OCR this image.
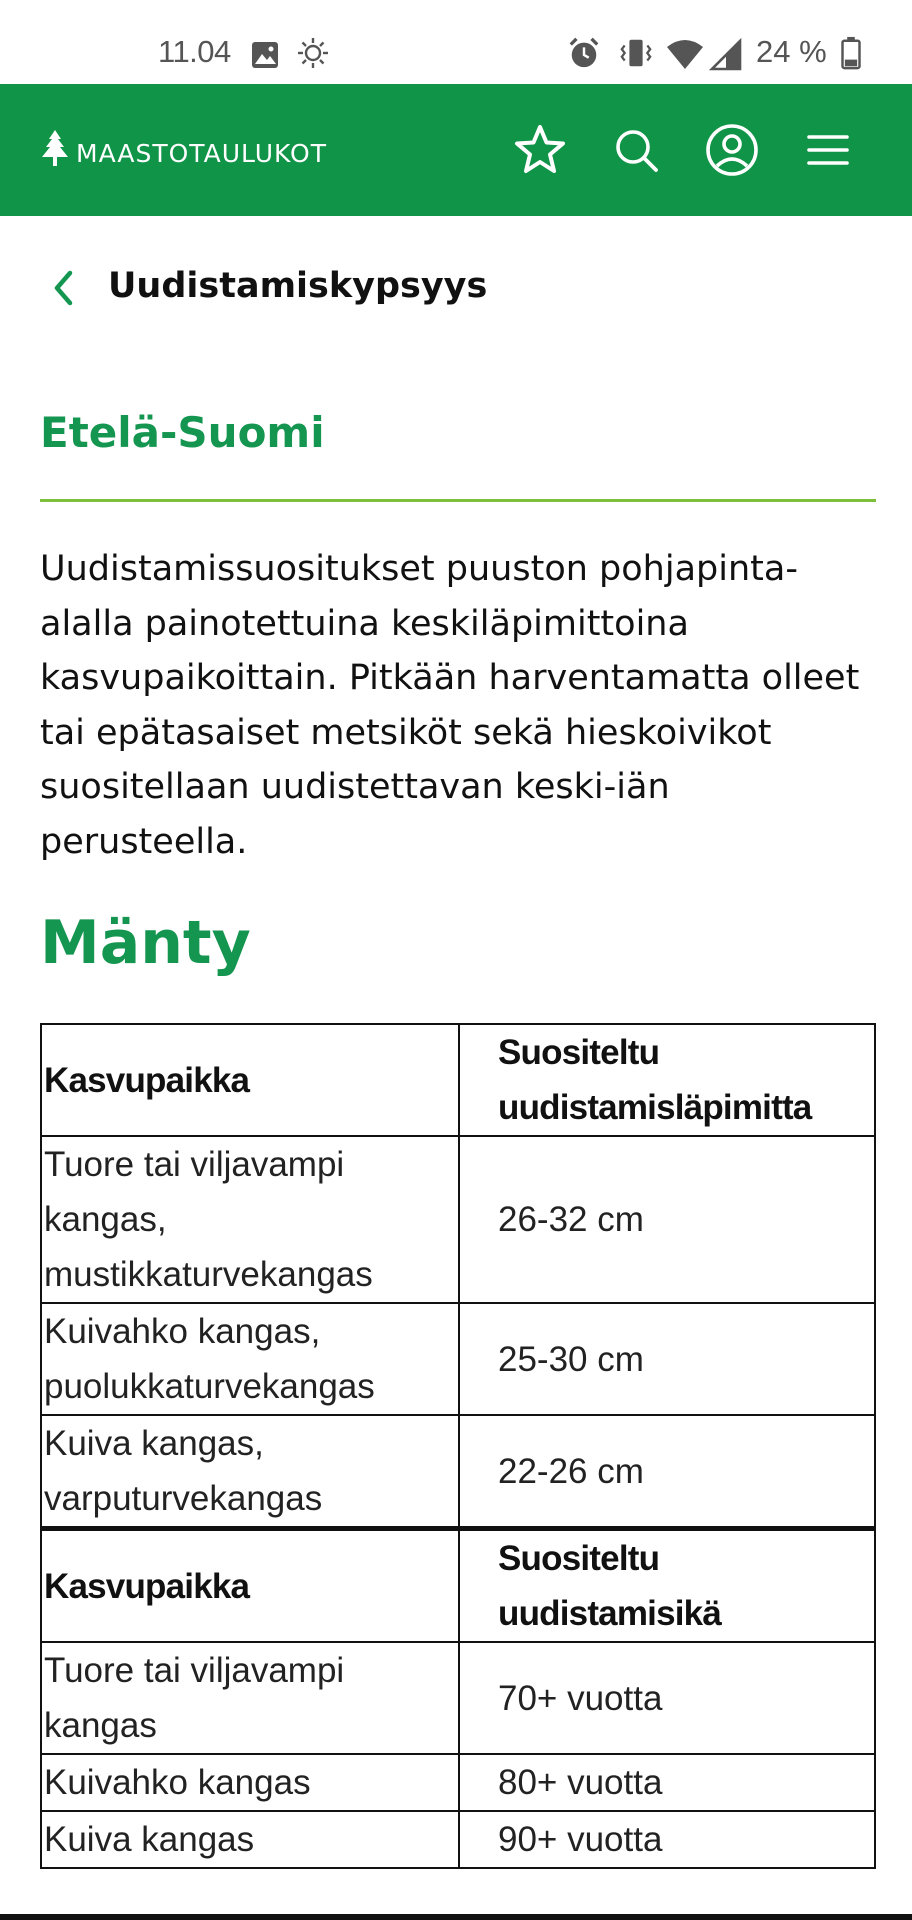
11.04	24 %
MAASTOTAULUKOT
Uudistamiskypsyys
Etelä-Suomi
Uudistamissuositukset puuston pohjapinta-alalla painotettuina keskiläpimittoina kasvupaikoittain. Pitkään harventamatta olleet tai epätasaiset metsiköt sekä hieskoivikot suositellaan uudistettavan keski-iän perusteella.
Mänty
Kasvupaikka	Suositeltu uudistamisläpimitta
Tuore tai viljavampi kangas, mustikkaturvekangas	26-32 cm
Kuivahko kangas, puolukkaturvekangas	25-30 cm
Kuiva kangas, varputurvekangas	22-26 cm
Kasvupaikka	Suositeltu uudistamisikä
Tuore tai viljavampi kangas	70+ vuotta
Kuivahko kangas	80+ vuotta
Kuiva kangas	90+ vuotta
